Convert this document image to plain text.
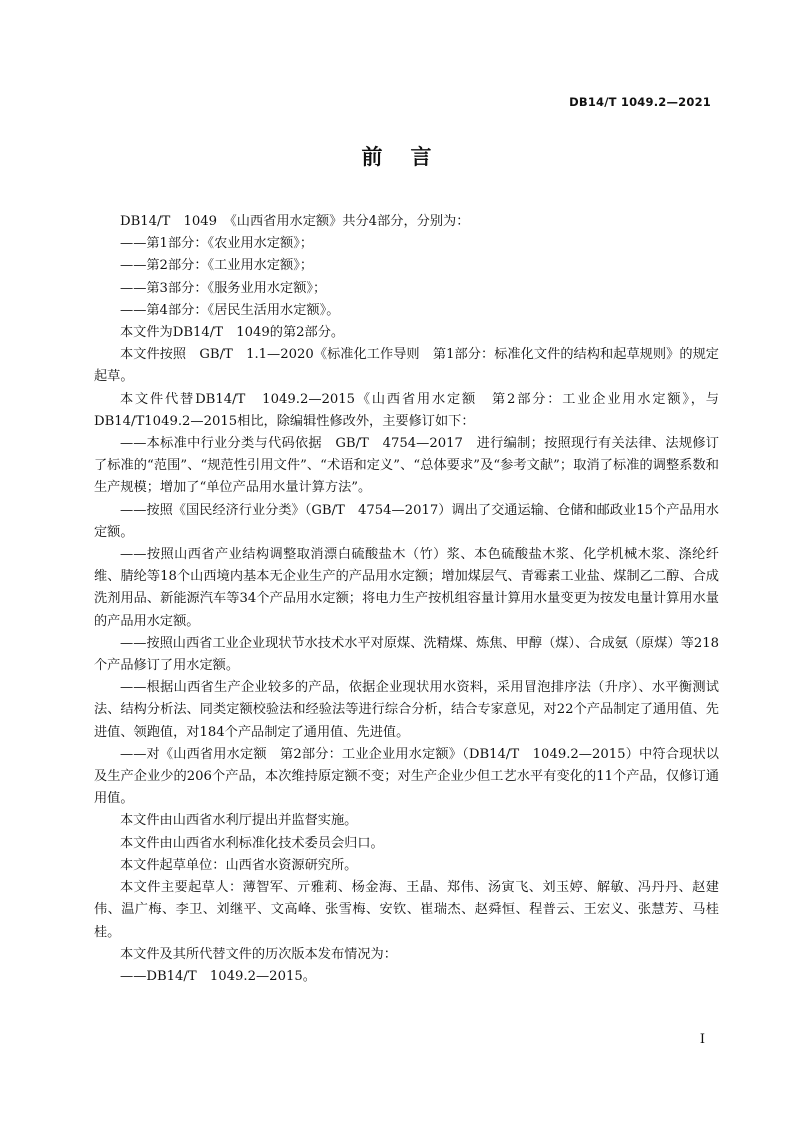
DB14/T 1049.2—2021
前言

DB14/T　1049　《山西省用水定额》共分4部分，分别为：

——第1部分：《农业用水定额》；

——第2部分：《工业用水定额》；

——第3部分：《服务业用水定额》；

——第4部分：《居民生活用水定额》。

本文件为DB14/T　1049的第2部分。

本文件按照　GB/T　1.1—2020《标准化工作导则　第1部分：标准化文件的结构和起草规则》的规定起草。

本文件代替DB14/T　1049.2—2015《山西省用水定额　第2部分：工业企业用水定额》，与DB14/T1049.2—2015相比，除编辑性修改外，主要修订如下：

——本标准中行业分类与代码依据　GB/T　4754—2017　进行编制；按照现行有关法律、法规修订了标准的“范围”、“规范性引用文件”、“术语和定义”、“总体要求”及“参考文献”；取消了标准的调整系数和生产规模；增加了“单位产品用水量计算方法”。

——按照《国民经济行业分类》（GB/T　4754—2017）调出了交通运输、仓储和邮政业15个产品用水定额。

——按照山西省产业结构调整取消漂白硫酸盐木（竹）浆、本色硫酸盐木浆、化学机械木浆、涤纶纤维、腈纶等18个山西境内基本无企业生产的产品用水定额；增加煤层气、青霉素工业盐、煤制乙二醇、合成洗剂用品、新能源汽车等34个产品用水定额；将电力生产按机组容量计算用水量变更为按发电量计算用水量的产品用水定额。

——按照山西省工业企业现状节水技术水平对原煤、洗精煤、炼焦、甲醇（煤）、合成氨（原煤）等218个产品修订了用水定额。

——根据山西省生产企业较多的产品，依据企业现状用水资料，采用冒泡排序法（升序）、水平衡测试法、结构分析法、同类定额校验法和经验法等进行综合分析，结合专家意见，对22个产品制定了通用值、先进值、领跑值，对184个产品制定了通用值、先进值。

——对《山西省用水定额　第2部分：工业企业用水定额》（DB14/T　1049.2—2015）中符合现状以及生产企业少的206个产品，本次维持原定额不变；对生产企业少但工艺水平有变化的11个产品，仅修订通用值。

本文件由山西省水利厅提出并监督实施。

本文件由山西省水利标准化技术委员会归口。

本文件起草单位：山西省水资源研究所。

本文件主要起草人：薄智军、亓雅莉、杨金海、王晶、郑伟、汤寅飞、刘玉婷、解敏、冯丹丹、赵建伟、温广梅、李卫、刘继平、文高峰、张雪梅、安钦、崔瑞杰、赵舜恒、程普云、王宏义、张慧芳、马桂桂。

本文件及其所代替文件的历次版本发布情况为：

——DB14/T　1049.2—2015。

I
